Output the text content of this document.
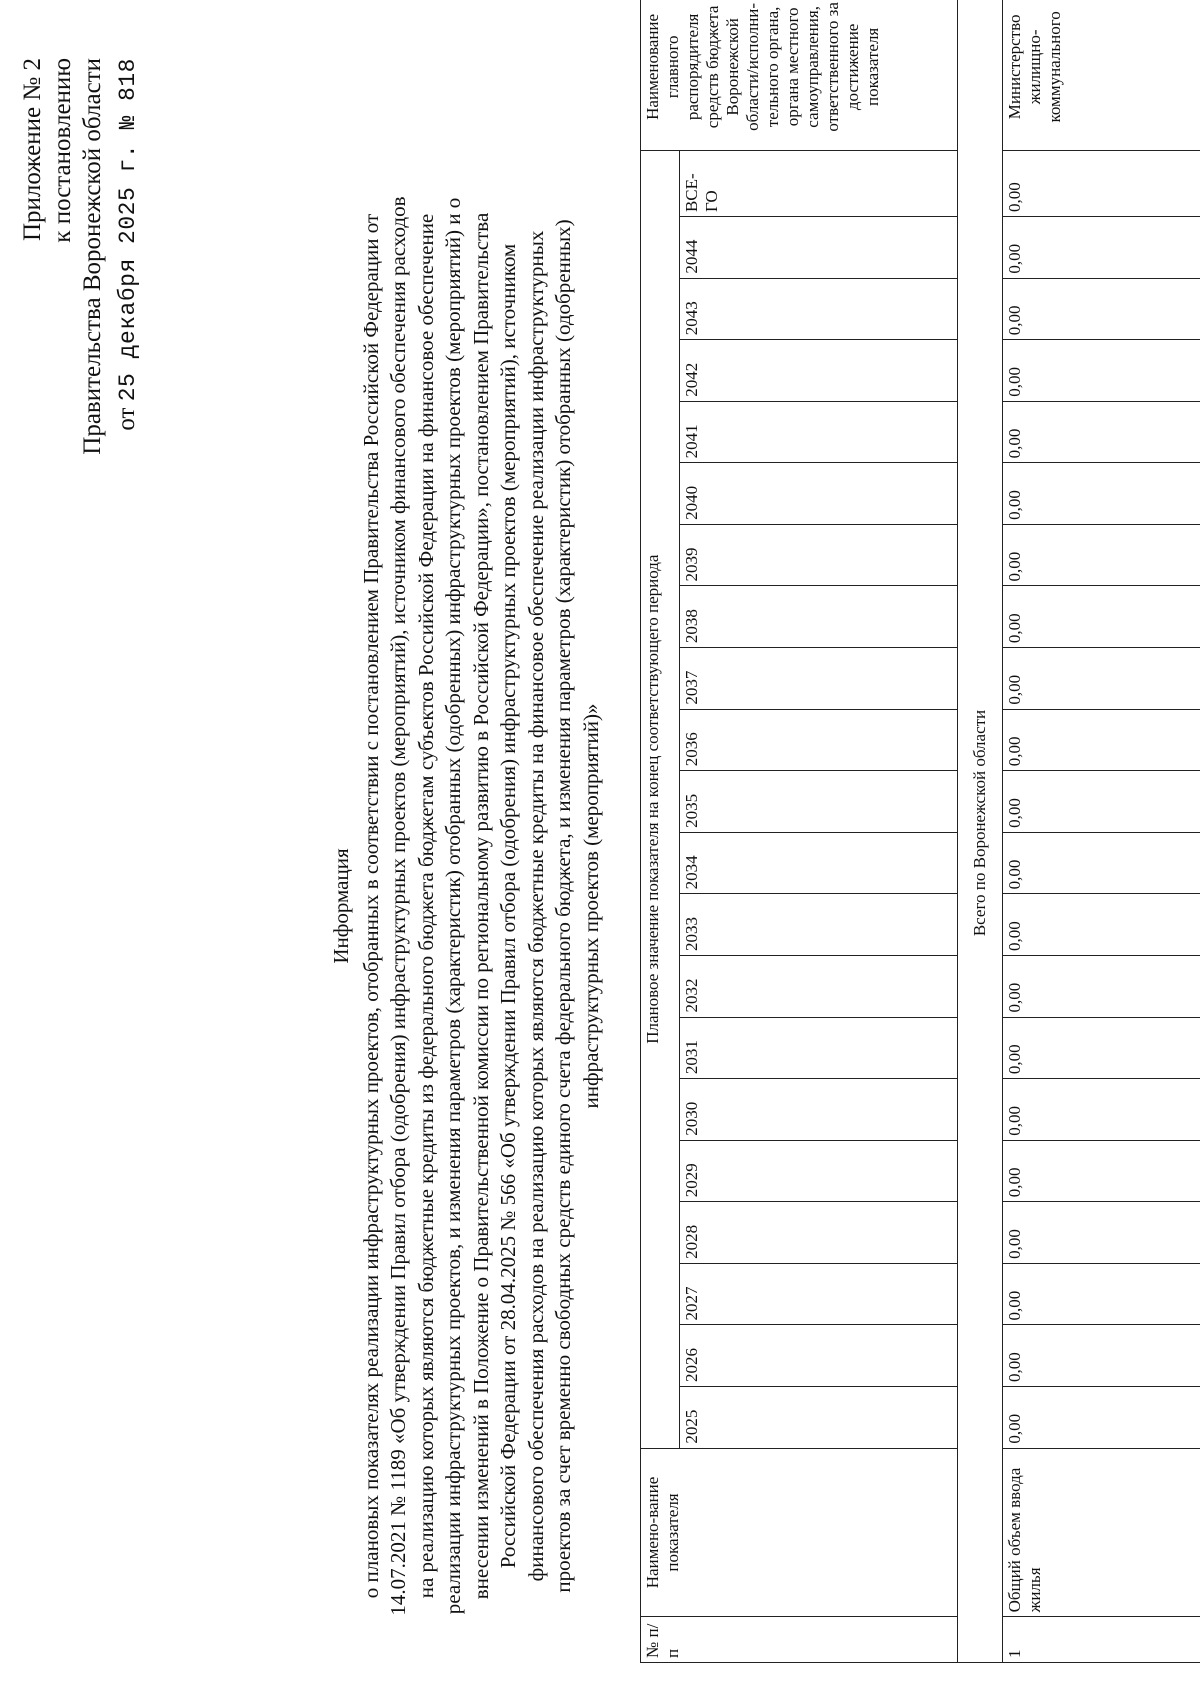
Приложение № 2 к постановлению Правительства Воронежской области от 25 декабря 2025 г. № 818
Информация о плановых показателях реализации инфраструктурных проектов, отобранных в соответствии с постановлением Правительства Российской Федерации от 14.07.2021 № 1189 «Об утверждении Правил отбора (одобрения) инфраструктурных проектов (мероприятий), источником финансового обеспечения расходов на реализацию которых являются бюджетные кредиты из федерального бюджета бюджетам субъектов Российской Федерации на финансовое обеспечение реализации инфраструктурных проектов, и изменения параметров (характеристик) отобранных (одобренных) инфраструктурных проектов (мероприятий) и о внесении изменений в Положение о Правительственной комиссии по региональному развитию в Российской Федерации», постановлением Правительства Российской Федерации от 28.04.2025 № 566 «Об утверждении Правил отбора (одобрения) инфраструктурных проектов (мероприятий), источником финансового обеспечения расходов на реализацию которых являются бюджетные кредиты на финансовое обеспечение реализации инфраструктурных проектов за счет временно свободных средств единого счета федерального бюджета, и изменения параметров (характеристик) отобранных (одобренных) инфраструктурных проектов (мероприятий)»
№ п/п	Наимено-вание показателя	Плановое значение показателя на конец соответствующего периода																					Наименование главного распорядителя средств бюджета Воронежской области/исполни-тельного органа, органа местного самоуправления, ответственного за достижение показателя
		2025	2026	2027	2028	2029	2030	2031	2032	2033	2034	2035	2036	2037	2038	2039	2040	2041	2042	2043	2044	ВСЕ-ГО	
Всего по Воронежской области																							
1	Общий объем ввода жилья	0,00	0,00	0,00	0,00	0,00	0,00	0,00	0,00	0,00	0,00	0,00	0,00	0,00	0,00	0,00	0,00	0,00	0,00	0,00	0,00	0,00	Министерство жилищно-коммунального
